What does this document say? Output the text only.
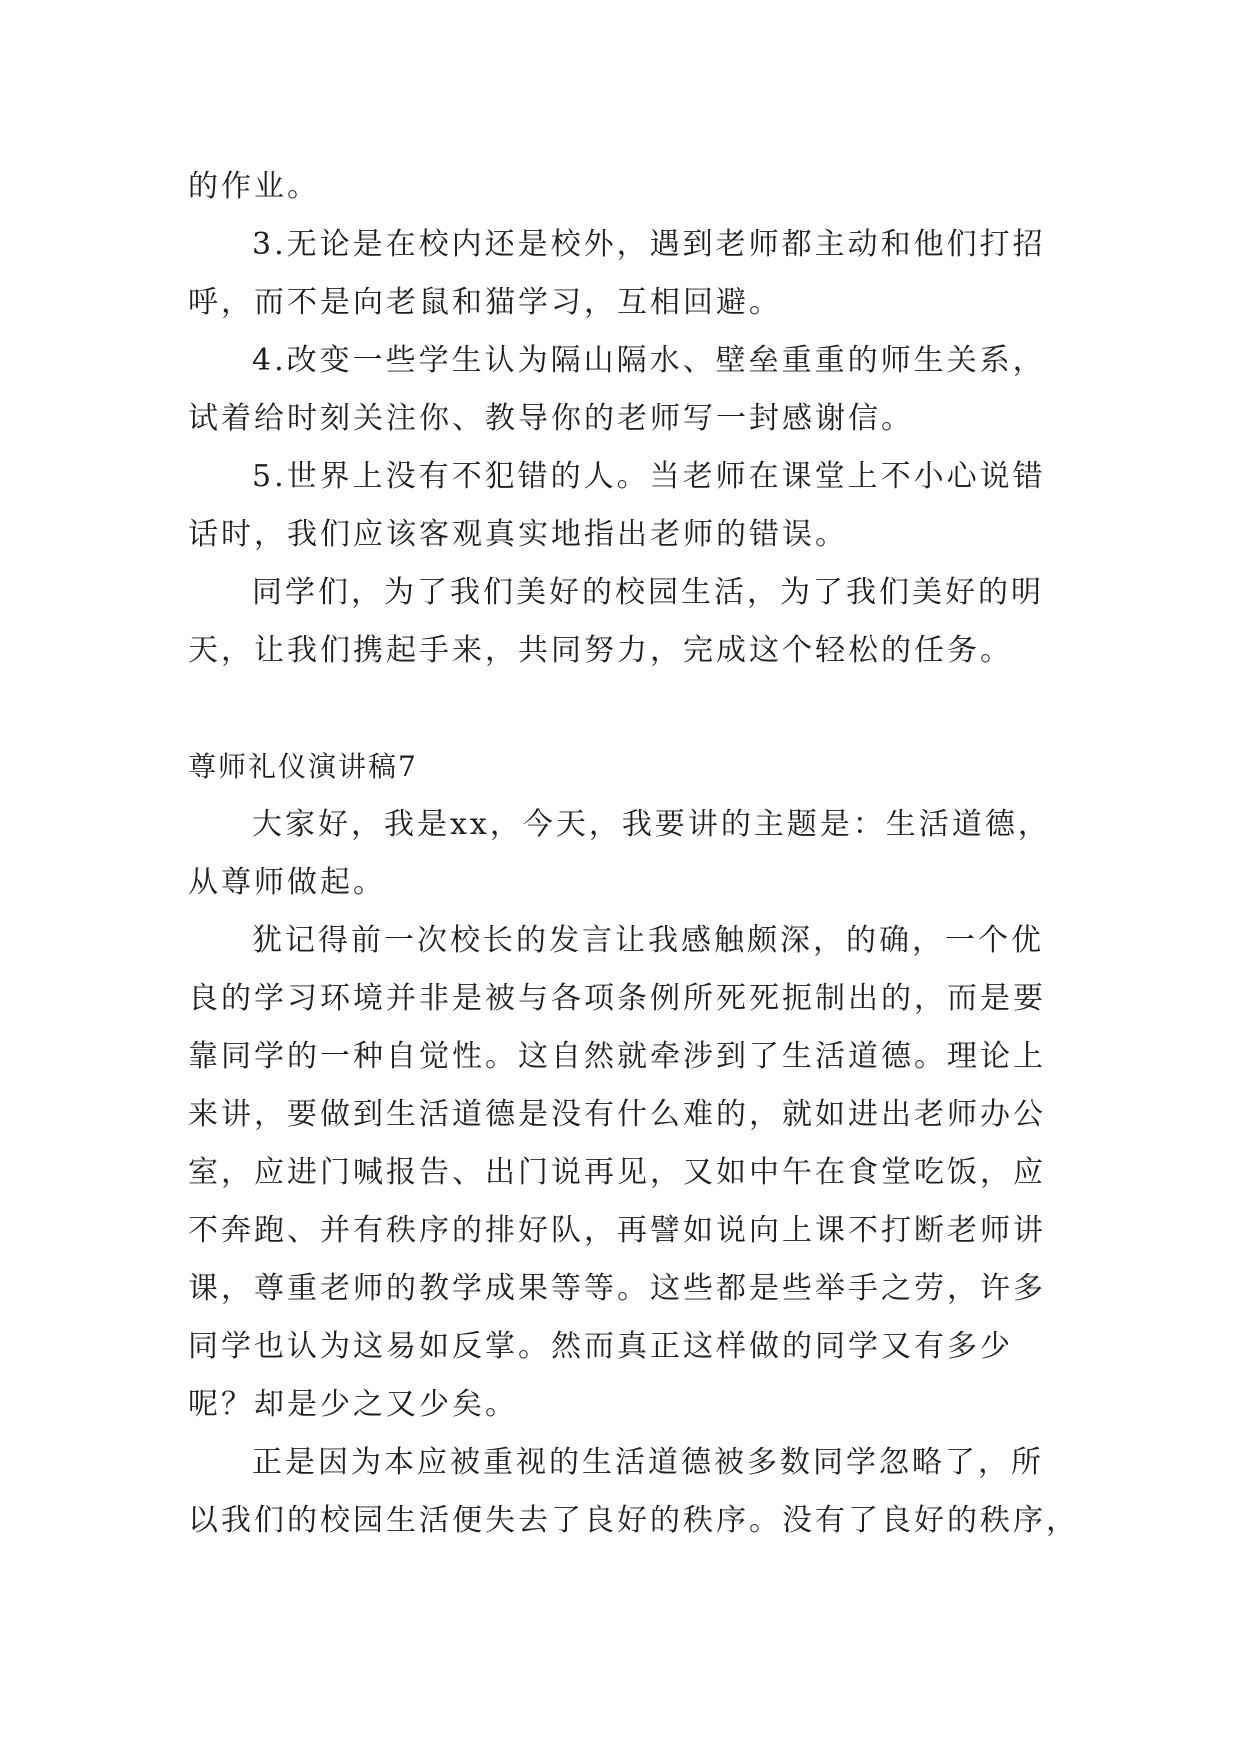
的作业。
3.无论是在校内还是校外，遇到老师都主动和他们打招
呼，而不是向老鼠和猫学习，互相回避。
4.改变一些学生认为隔山隔水、壁垒重重的师生关系，
试着给时刻关注你、教导你的老师写一封感谢信。
5.世界上没有不犯错的人。当老师在课堂上不小心说错
话时，我们应该客观真实地指出老师的错误。
同学们，为了我们美好的校园生活，为了我们美好的明
天，让我们携起手来，共同努力，完成这个轻松的任务。
尊师礼仪演讲稿7
大家好，我是xx，今天，我要讲的主题是：生活道德，
从尊师做起。
犹记得前一次校长的发言让我感触颇深，的确，一个优
良的学习环境并非是被与各项条例所死死扼制出的，而是要
靠同学的一种自觉性。这自然就牵涉到了生活道德。理论上
来讲，要做到生活道德是没有什么难的，就如进出老师办公
室，应进门喊报告、出门说再见，又如中午在食堂吃饭，应
不奔跑、并有秩序的排好队，再譬如说向上课不打断老师讲
课，尊重老师的教学成果等等。这些都是些举手之劳，许多
同学也认为这易如反掌。然而真正这样做的同学又有多少
呢？却是少之又少矣。
正是因为本应被重视的生活道德被多数同学忽略了，所
以我们的校园生活便失去了良好的秩序。没有了良好的秩序，
